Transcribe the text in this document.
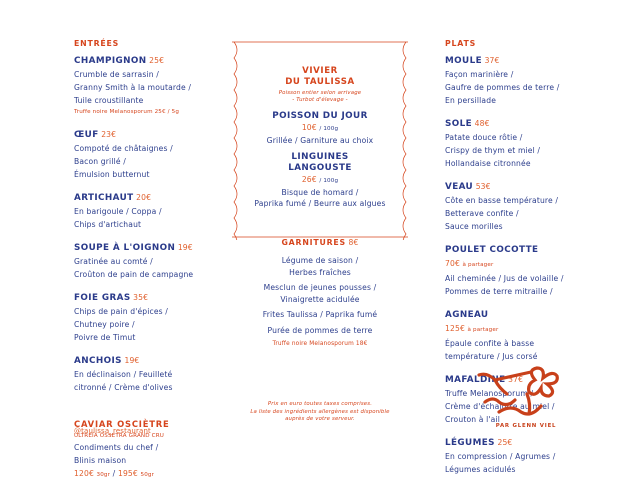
ENTRÉES
CHAMPIGNON 25€
Crumble de sarrasin /
Granny Smith à la moutarde /
Tuile croustillante
Truffe noire Melanosporum 25€ / 5g
ŒUF 23€
Compoté de châtaignes /
Bacon grillé /
Émulsion butternut
ARTICHAUT 20€
En barigoule / Coppa /
Chips d'artichaut
SOUPE À L'OIGNON 19€
Gratinée au comté /
Croûton de pain de campagne
FOIE GRAS 35€
Chips de pain d'épices /
Chutney poire /
Poivre de Timut
ANCHOIS 19€
En déclinaison / Feuilleté
citronné / Crème d'olives
CAVIAR OSCIÈTRE
ULTREÏA OSSETRA GRAND CRU
Condiments du chef /
Blinis maison
120€ 30gr / 195€ 50gr
@taulissa_restaurant
VIVIER
DU TAULISSA
Poisson entier selon arrivage
- Turbot d'élevage -
POISSON DU JOUR
10€ / 100g
Grillée / Garniture au choix
LINGUINES
LANGOUSTE
26€ / 100g
Bisque de homard /
Paprika fumé / Beurre aux algues
GARNITURES 8€
Légume de saison /
Herbes fraîches
Mesclun de jeunes pousses /
Vinaigrette acidulée
Frites Taulissa / Paprika fumé
Purée de pommes de terre
Truffe noire Melanosporum 18€
Prix en euro toutes taxes comprises.
La liste des ingrédients allergènes est disponible
auprès de votre serveur.
PLATS
MOULE 37€
Façon marinière /
Gaufre de pommes de terre /
En persillade
SOLE 48€
Patate douce rôtie /
Crispy de thym et miel /
Hollandaise citronnée
VEAU 53€
Côte en basse température /
Betterave confite /
Sauce morilles
POULET COCOTTE
70€ à partager
Ail cheminée / Jus de volaille /
Pommes de terre mitraille /
AGNEAU
125€ à partager
Épaule confite à basse
température / Jus corsé
MAFALDINE 37€
Truffe Melanosporum /
Crème d'échalotte au miel /
Crouton à l'ail
LÉGUMES 25€
En compression / Agrumes /
Légumes acidulés
PAR GLENN VIEL
